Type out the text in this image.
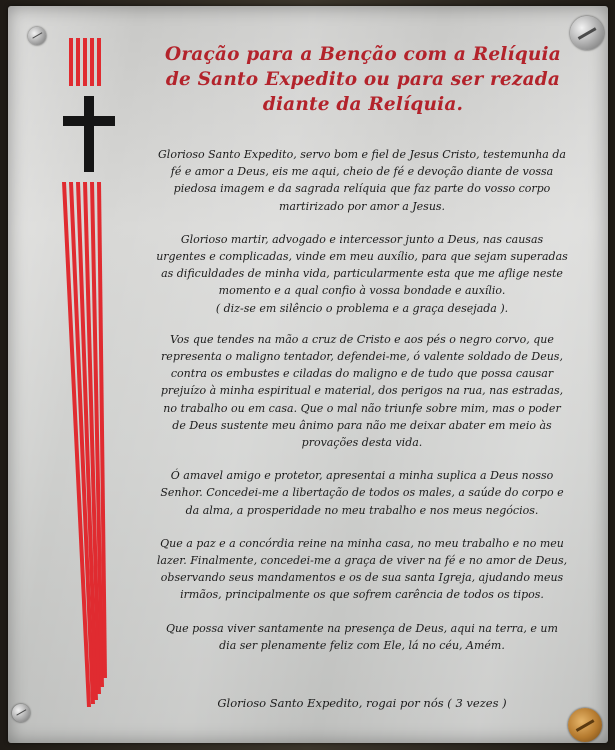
Oração para a Benção com a Relíquia de Santo Expedito ou para ser rezada diante da Relíquia.

Glorioso Santo Expedito, servo bom e fiel de Jesus Cristo, testemunha da fé e amor a Deus, eis me aqui, cheio de fé e devoção diante de vossa piedosa imagem e da sagrada relíquia que faz parte do vosso corpo martirizado por amor a Jesus.

Glorioso martir, advogado e intercessor junto a Deus, nas causas urgentes e complicadas, vinde em meu auxílio, para que sejam superadas as dificuldades de minha vida, particularmente esta que me aflige neste momento e a qual confio à vossa bondade e auxílio.

( diz-se em silêncio o problema e a graça desejada ).

Vos que tendes na mão a cruz de Cristo e aos pés o negro corvo, que representa o maligno tentador, defendei-me, ó valente soldado de Deus, contra os embustes e ciladas do maligno e de tudo que possa causar prejuízo à minha espiritual e material, dos perigos na rua, nas estradas, no trabalho ou em casa. Que o mal não triunfe sobre mim, mas o poder de Deus sustente meu ânimo para não me deixar abater em meio às provações desta vida.

Ó amavel amigo e protetor, apresentai a minha suplica a Deus nosso Senhor. Concedei-me a libertação de todos os males, a saúde do corpo e da alma, a prosperidade no meu trabalho e nos meus negócios.

Que a paz e a concórdia reine na minha casa, no meu trabalho e no meu lazer. Finalmente, concedei-me a graça de viver na fé e no amor de Deus, observando seus mandamentos e os de sua santa Igreja, ajudando meus irmãos, principalmente os que sofrem carência de todos os tipos.

Que possa viver santamente na presença de Deus, aqui na terra, e um dia ser plenamente feliz com Ele, lá no céu, Amém.

Glorioso Santo Expedito, rogai por nós ( 3 vezes )
